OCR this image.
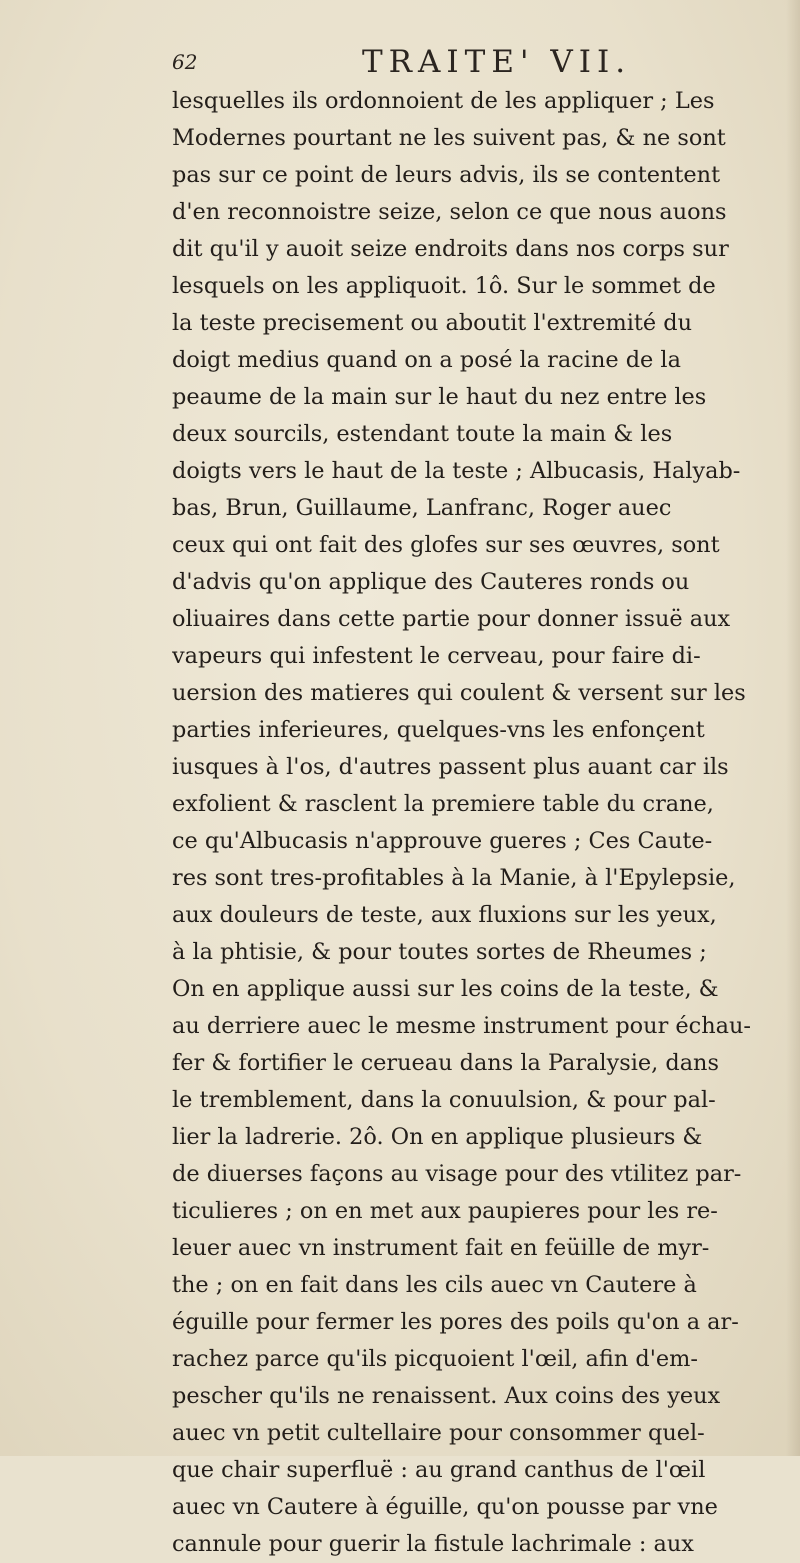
62	TRAITE' VII.
lesquelles ils ordonnoient de les appliquer ; Les
Modernes pourtant ne les suivent pas, & ne sont
pas sur ce point de leurs advis, ils se contentent
d'en reconnoistre seize, selon ce que nous auons
dit qu'il y auoit seize endroits dans nos corps sur
lesquels on les appliquoit. 1ô. Sur le sommet de
la teste precisement ou aboutit l'extremité du
doigt medius quand on a posé la racine de la
peaume de la main sur le haut du nez entre les
deux sourcils, estendant toute la main & les
doigts vers le haut de la teste ; Albucasis, Halyab-
bas, Brun, Guillaume, Lanfranc, Roger auec
ceux qui ont fait des glofes sur ses œuvres, sont
d'advis qu'on applique des Cauteres ronds ou
oliuaires dans cette partie pour donner issuë aux
vapeurs qui infestent le cerveau, pour faire di-
uersion des matieres qui coulent & versent sur les
parties inferieures, quelques-vns les enfonçent
iusques à l'os, d'autres passent plus auant car ils
exfolient & rasclent la premiere table du crane,
ce qu'Albucasis n'approuve gueres ; Ces Caute-
res sont tres-profitables à la Manie, à l'Epylepsie,
aux douleurs de teste, aux fluxions sur les yeux,
à la phtisie, & pour toutes sortes de Rheumes ;
On en applique aussi sur les coins de la teste, &
au derriere auec le mesme instrument pour échau-
fer & fortifier le cerueau dans la Paralysie, dans
le tremblement, dans la conuulsion, & pour pal-
lier la ladrerie. 2ô. On en applique plusieurs &
de diuerses façons au visage pour des vtilitez par-
ticulieres ; on en met aux paupieres pour les re-
leuer auec vn instrument fait en feüille de myr-
the ; on en fait dans les cils auec vn Cautere à
éguille pour fermer les pores des poils qu'on a ar-
rachez parce qu'ils picquoient l'œil, afin d'em-
pescher qu'ils ne renaissent. Aux coins des yeux
auec vn petit cultellaire pour consommer quel-
que chair superfluë : au grand canthus de l'œil
auec vn Cautere à éguille, qu'on pousse par vne
cannule pour guerir la fistule lachrimale : aux
